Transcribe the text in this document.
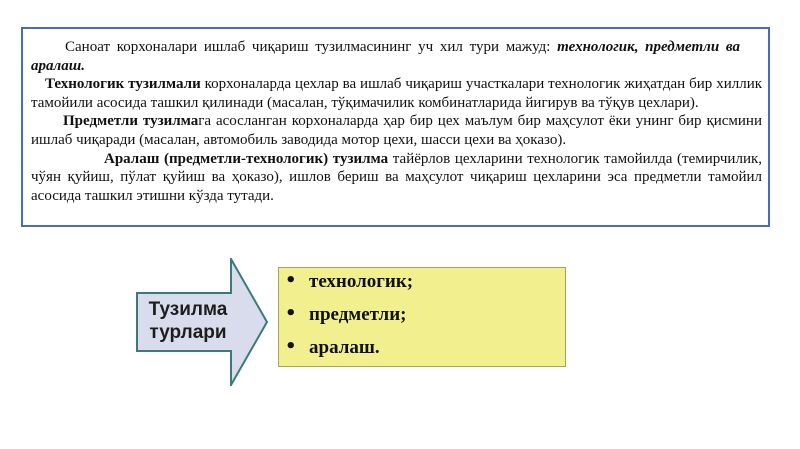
Саноат корхоналари ишлаб чиқариш тузилмасининг уч хил тури мажуд: технологик, предметли вааралаш.

Технологик тузилмали корхоналарда цехлар ва ишлаб чиқариш участкалари технологик жиҳатдан бир хиллик тамойили асосида ташкил қилинади (масалан, тўқимачилик комбинатларида йигирув ва тўқув цехлари).

Предметли тузилмага асосланган корхоналарда ҳар бир цех маълум бир маҳсулот ёки унинг бир қисмини ишлаб чиқаради (масалан, автомобиль заводида мотор цехи, шасси цехи ва ҳоказо).

Аралаш (предметли-технологик) тузилма тайёрлов цехларини технологик тамойилда (темирчилик, чўян қуйиш, пўлат қуйиш ва ҳоказо), ишлов бериш ва маҳсулот чиқариш цехларини эса предметли тамойил асосида ташкил этишни кўзда тутади.

Тузилма
турлари
• технологик;
• предметли;
• аралаш.
